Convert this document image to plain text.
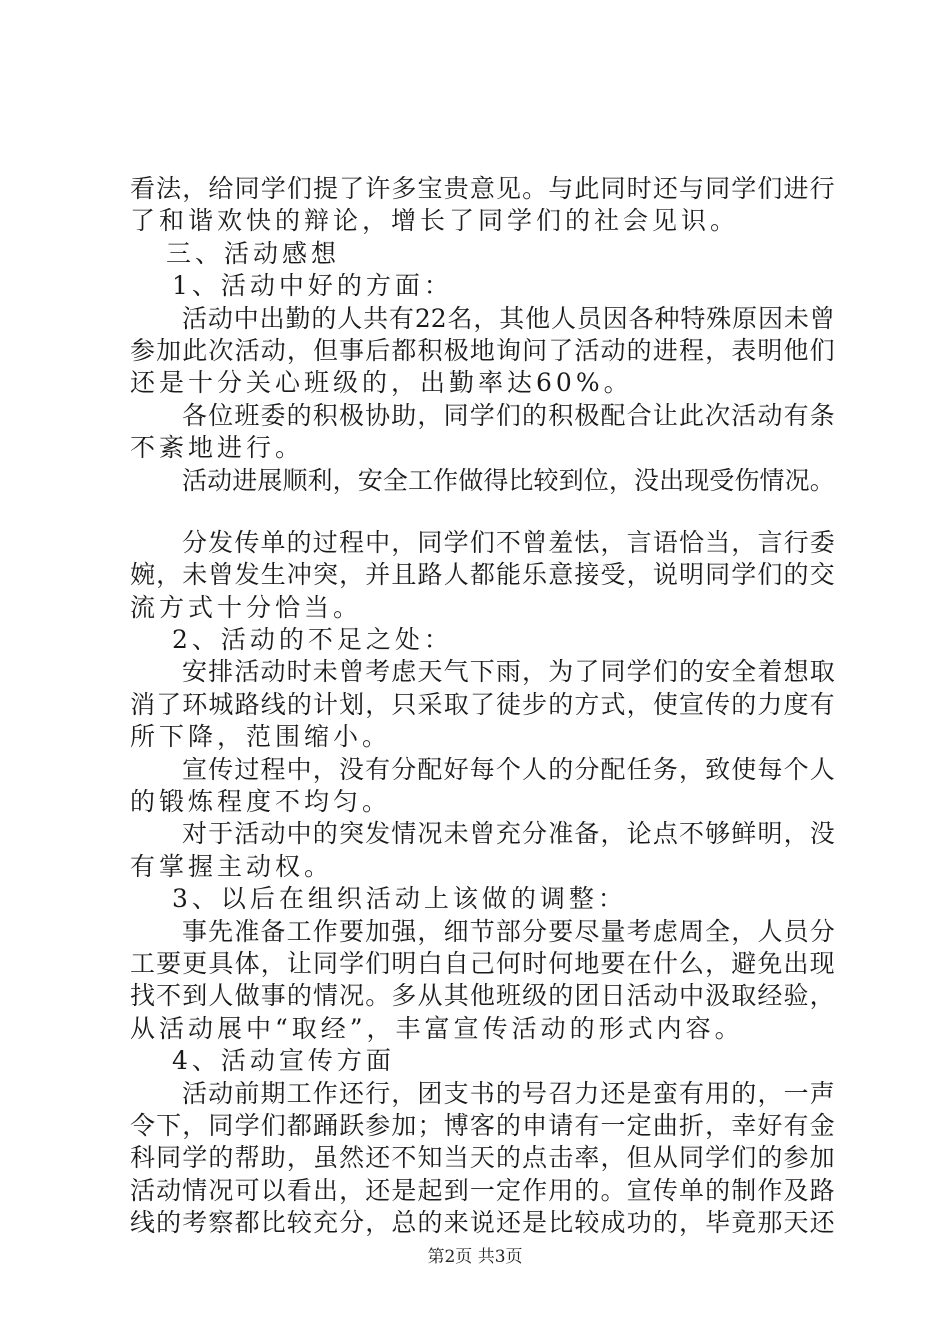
看 法 ， 给 同 学 们 提 了 许 多 宝 贵 意 见 。 与 此 同 时 还 与 同 学 们 进 行
了和谐欢快的辩论，增长了同学们的社会见识。
三、活动感想
1、活动中好的方面：
活 动 中 出 勤 的 人 共 有 22 名 ， 其 他 人 员 因 各 种 特 殊 原 因 未 曾
参 加 此 次 活 动 ， 但 事 后 都 积 极 地 询 问 了 活 动 的 进 程 ， 表 明 他 们
还是十分关心班级的，出勤率达60%。
各 位 班 委 的 积 极 协 助 ， 同 学 们 的 积 极 配 合 让 此 次 活 动 有 条
不紊地进行。
活 动 进 展 顺 利 ， 安 全 工 作 做 得 比 较 到 位 ， 没 出 现 受 伤 情 况 。
分 发 传 单 的 过 程 中 ， 同 学 们 不 曾 羞 怯 ， 言 语 恰 当 ， 言 行 委
婉 ， 未 曾 发 生 冲 突 ， 并 且 路 人 都 能 乐 意 接 受 ， 说 明 同 学 们 的 交
流方式十分恰当。
2、活动的不足之处：
安 排 活 动 时 未 曾 考 虑 天 气 下 雨 ， 为 了 同 学 们 的 安 全 着 想 取
消 了 环 城 路 线 的 计 划 ， 只 采 取 了 徒 步 的 方 式 ， 使 宣 传 的 力 度 有
所下降，范围缩小。
宣 传 过 程 中 ， 没 有 分 配 好 每 个 人 的 分 配 任 务 ， 致 使 每 个 人
的锻炼程度不均匀。
对 于 活 动 中 的 突 发 情 况 未 曾 充 分 准 备 ， 论 点 不 够 鲜 明 ， 没
有掌握主动权。
3、以后在组织活动上该做的调整：
事 先 准 备 工 作 要 加 强 ， 细 节 部 分 要 尽 量 考 虑 周 全 ， 人 员 分
工 要 更 具 体 ， 让 同 学 们 明 白 自 己 何 时 何 地 要 在 什 么 ， 避 免 出 现
找 不 到 人 做 事 的 情 况 。 多 从 其 他 班 级 的 团 日 活 动 中 汲 取 经 验 ，
从活动展中“取经”，丰富宣传活动的形式内容。
4、活动宣传方面
活 动 前 期 工 作 还 行 ， 团 支 书 的 号 召 力 还 是 蛮 有 用 的 ， 一 声
令 下 ， 同 学 们 都 踊 跃 参 加 ； 博 客 的 申 请 有 一 定 曲 折 ， 幸 好 有 金
科 同 学 的 帮 助 ， 虽 然 还 不 知 当 天 的 点 击 率 ， 但 从 同 学 们 的 参 加
活 动 情 况 可 以 看 出 ， 还 是 起 到 一 定 作 用 的 。 宣 传 单 的 制 作 及 路
线 的 考 察 都 比 较 充 分 ， 总 的 来 说 还 是 比 较 成 功 的 ， 毕 竟 那 天 还
第2页 共3页
